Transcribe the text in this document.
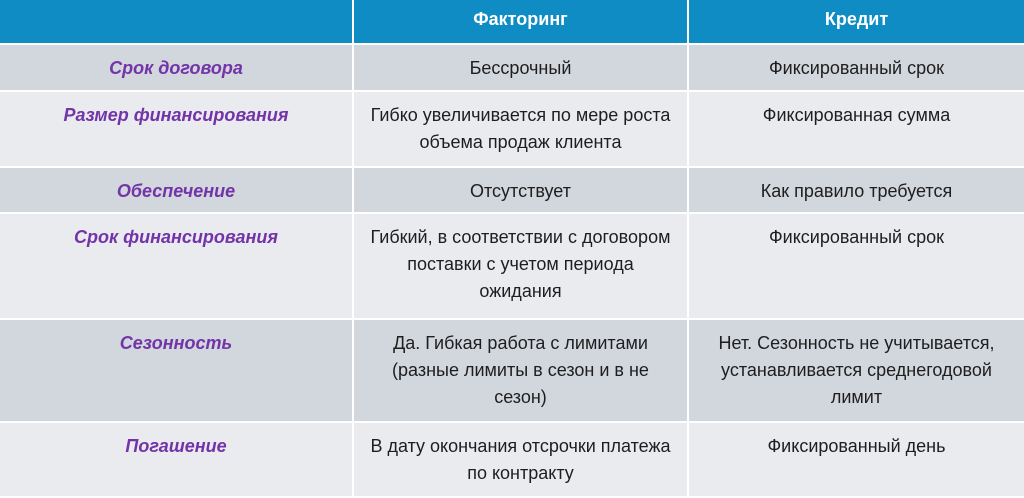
	Факторинг	Кредит
Срок договора	Бессрочный	Фиксированный срок
Размер финансирования	Гибко увеличивается по мере роста объема продаж клиента	Фиксированная сумма
Обеспечение	Отсутствует	Как правило требуется
Срок финансирования	Гибкий, в соответствии с договором поставки с учетом периода ожидания	Фиксированный срок
Сезонность	Да. Гибкая работа с лимитами (разные лимиты в сезон и в не сезон)	Нет. Сезонность не учитывается, устанавливается среднегодовой лимит
Погашение	В дату окончания отсрочки платежа по контракту	Фиксированный день
